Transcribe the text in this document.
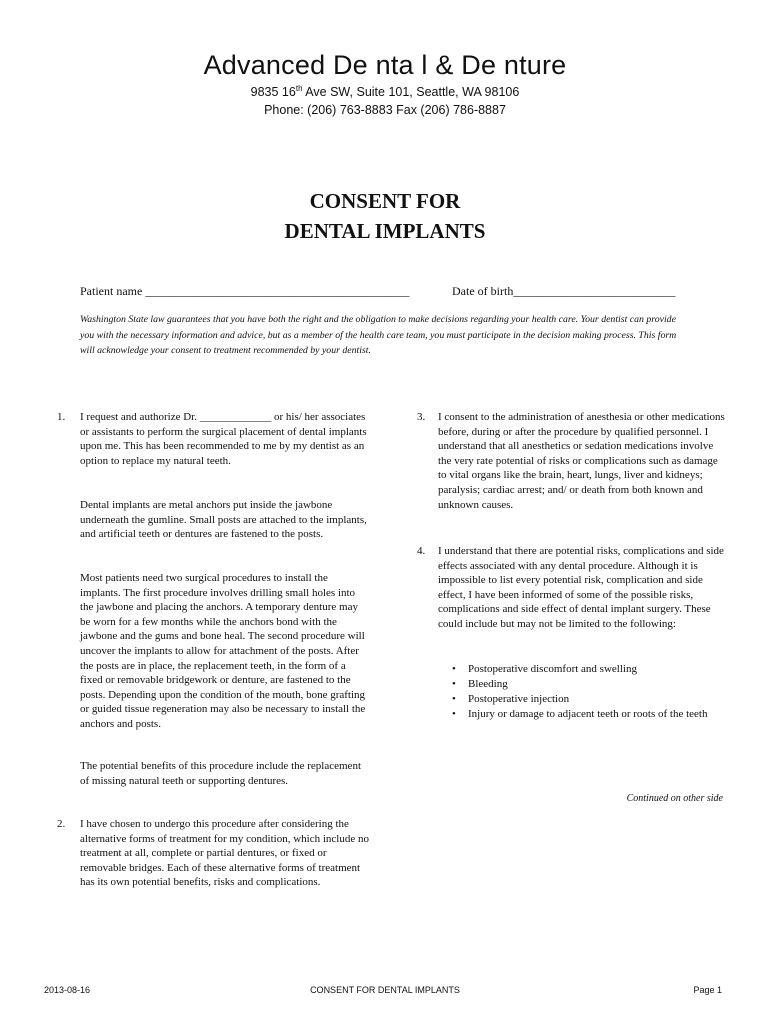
Advanced De nta l & De nture
9835 16th Ave SW, Suite 101, Seattle, WA 98106
Phone: (206) 763-8883 Fax (206) 786-8887
CONSENT FOR
DENTAL IMPLANTS
Patient name ____________________________________________	Date of birth___________________________
Washington State law guarantees that you have both the right and the obligation to make decisions regarding your health care. Your dentist can provide you with the necessary information and advice, but as a member of the health care team, you must participate in the decision making process. This form will acknowledge your consent to treatment recommended by your dentist.
1. I request and authorize Dr. _____________ or his/ her associates or assistants to perform the surgical placement of dental implants upon me. This has been recommended to me by my dentist as an option to replace my natural teeth.
Dental implants are metal anchors put inside the jawbone underneath the gumline. Small posts are attached to the implants, and artificial teeth or dentures are fastened to the posts.
Most patients need two surgical procedures to install the implants. The first procedure involves drilling small holes into the jawbone and placing the anchors. A temporary denture may be worn for a few months while the anchors bond with the jawbone and the gums and bone heal. The second procedure will uncover the implants to allow for attachment of the posts. After the posts are in place, the replacement teeth, in the form of a fixed or removable bridgework or denture, are fastened to the posts. Depending upon the condition of the mouth, bone grafting or guided tissue regeneration may also be necessary to install the anchors and posts.
The potential benefits of this procedure include the replacement of missing natural teeth or supporting dentures.
2. I have chosen to undergo this procedure after considering the alternative forms of treatment for my condition, which include no treatment at all, complete or partial dentures, or fixed or removable bridges. Each of these alternative forms of treatment has its own potential benefits, risks and complications.
3. I consent to the administration of anesthesia or other medications before, during or after the procedure by qualified personnel. I understand that all anesthetics or sedation medications involve the very rate potential of risks or complications such as damage to vital organs like the brain, heart, lungs, liver and kidneys; paralysis; cardiac arrest; and/ or death from both known and unknown causes.
4. I understand that there are potential risks, complications and side effects associated with any dental procedure. Although it is impossible to list every potential risk, complication and side effect, I have been informed of some of the possible risks, complications and side effect of dental implant surgery. These could include but may not be limited to the following:
• Postoperative discomfort and swelling
• Bleeding
• Postoperative injection
• Injury or damage to adjacent teeth or roots of the teeth
Continued on other side
2013-08-16	CONSENT FOR DENTAL IMPLANTS	Page 1
